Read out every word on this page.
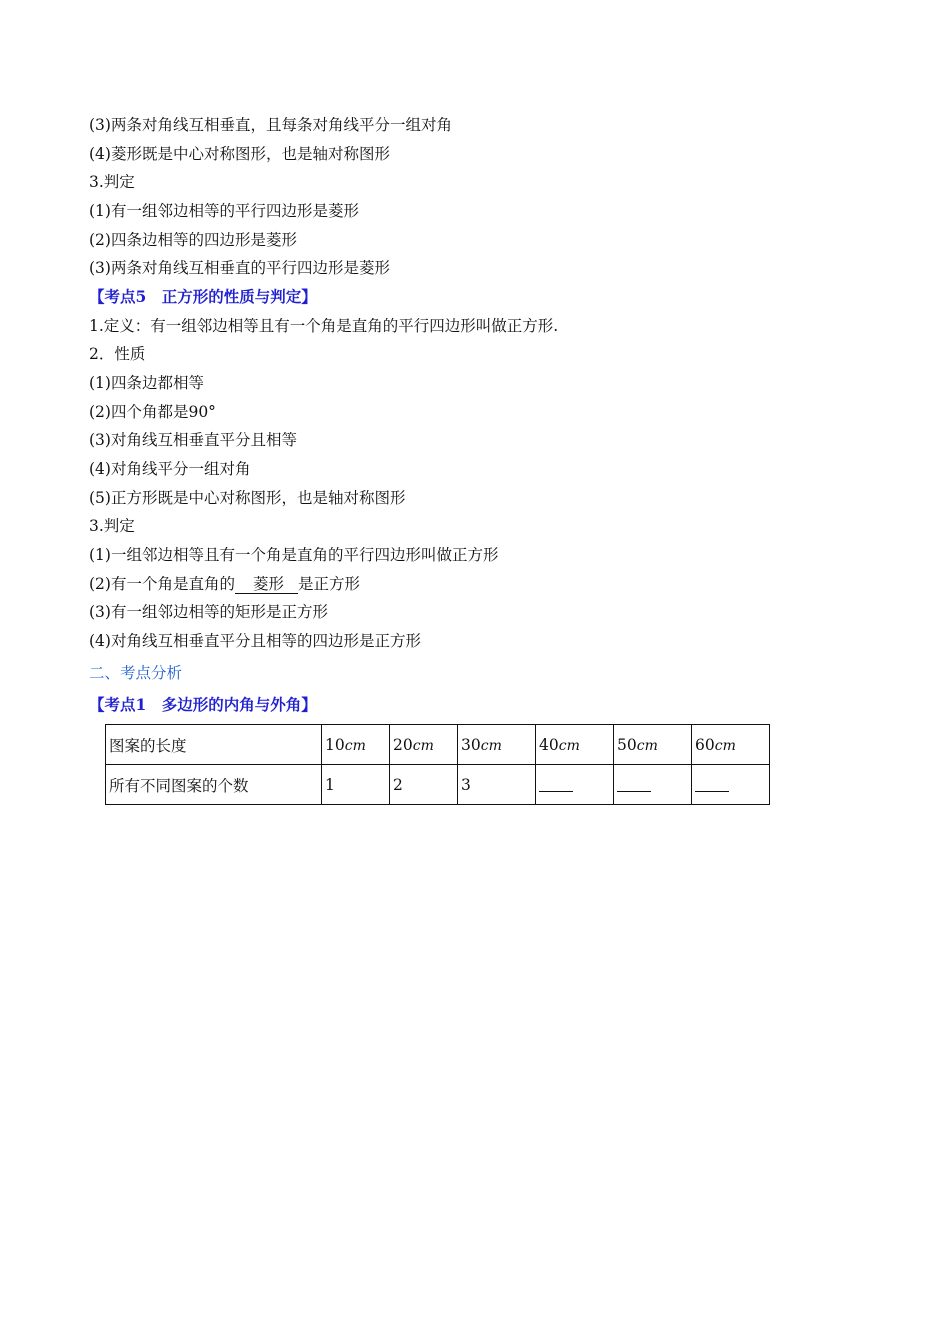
(3)两条对角线互相垂直，且每条对角线平分一组对角
(4)菱形既是中心对称图形，也是轴对称图形
3.判定
(1)有一组邻边相等的平行四边形是菱形
(2)四条边相等的四边形是菱形
(3)两条对角线互相垂直的平行四边形是菱形
【考点5　正方形的性质与判定】
1.定义：有一组邻边相等且有一个角是直角的平行四边形叫做正方形.
2．性质
(1)四条边都相等
(2)四个角都是90°
(3)对角线互相垂直平分且相等
(4)对角线平分一组对角
(5)正方形既是中心对称图形，也是轴对称图形
3.判定
(1)一组邻边相等且有一个角是直角的平行四边形叫做正方形
(2)有一个角是直角的 菱形 是正方形
(3)有一组邻边相等的矩形是正方形
(4)对角线互相垂直平分且相等的四边形是正方形
二、考点分析
【考点1　多边形的内角与外角】
图案的长度	10cm	20cm	30cm	40cm	50cm	60cm
所有不同图案的个数	1	2	3			
